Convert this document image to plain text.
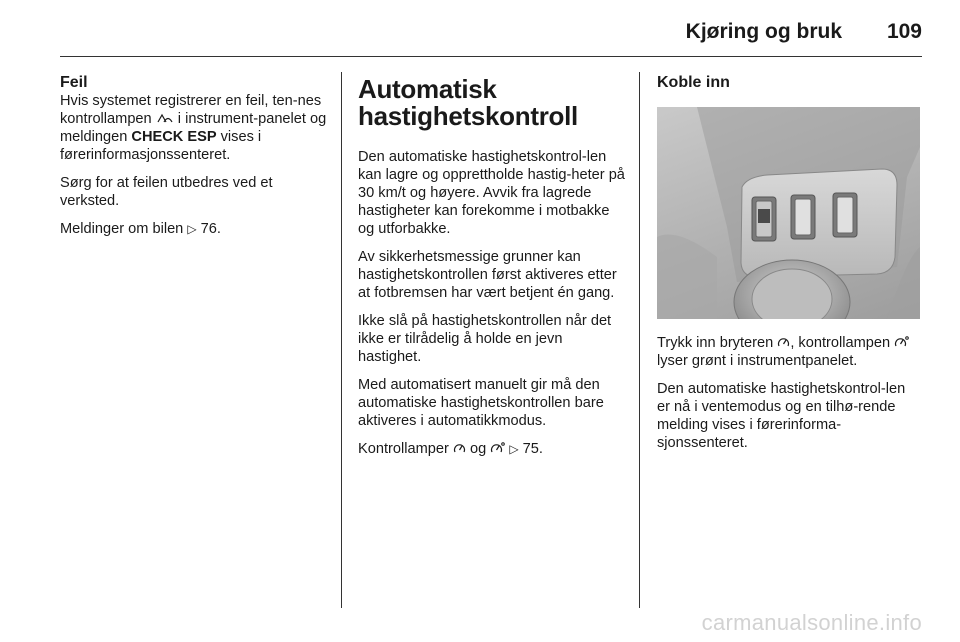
Kjøring og bruk 109
Feil

Hvis systemet registrerer en feil, ten-nes kontrollampen i instrument-panelet og meldingen CHECK ESP vises i førerinformasjonssenteret.

Sørg for at feilen utbedres ved et verksted.

Meldinger om bilen ▷ 76.

Automatisk
hastighetskontroll

Den automatiske hastighetskontrol-len kan lagre og opprettholde hastig-heter på 30 km/t og høyere. Avvik fra lagrede hastigheter kan forekomme i motbakke og utforbakke.

Av sikkerhetsmessige grunner kan hastighetskontrollen først aktiveres etter at fotbremsen har vært betjent én gang.

Ikke slå på hastighetskontrollen når det ikke er tilrådelig å holde en jevn hastighet.

Med automatisert manuelt gir må den automatiske hastighetskontrollen bare aktiveres i automatikkmodus.

Kontrollamper og ▷ 75.

Koble inn

Trykk inn bryteren , kontrollampen  lyser grønt i instrumentpanelet.

Den automatiske hastighetskontrol-len er nå i ventemodus og en tilhø-rende melding vises i førerinforma-sjonssenteret.

carmanualsonline.info
